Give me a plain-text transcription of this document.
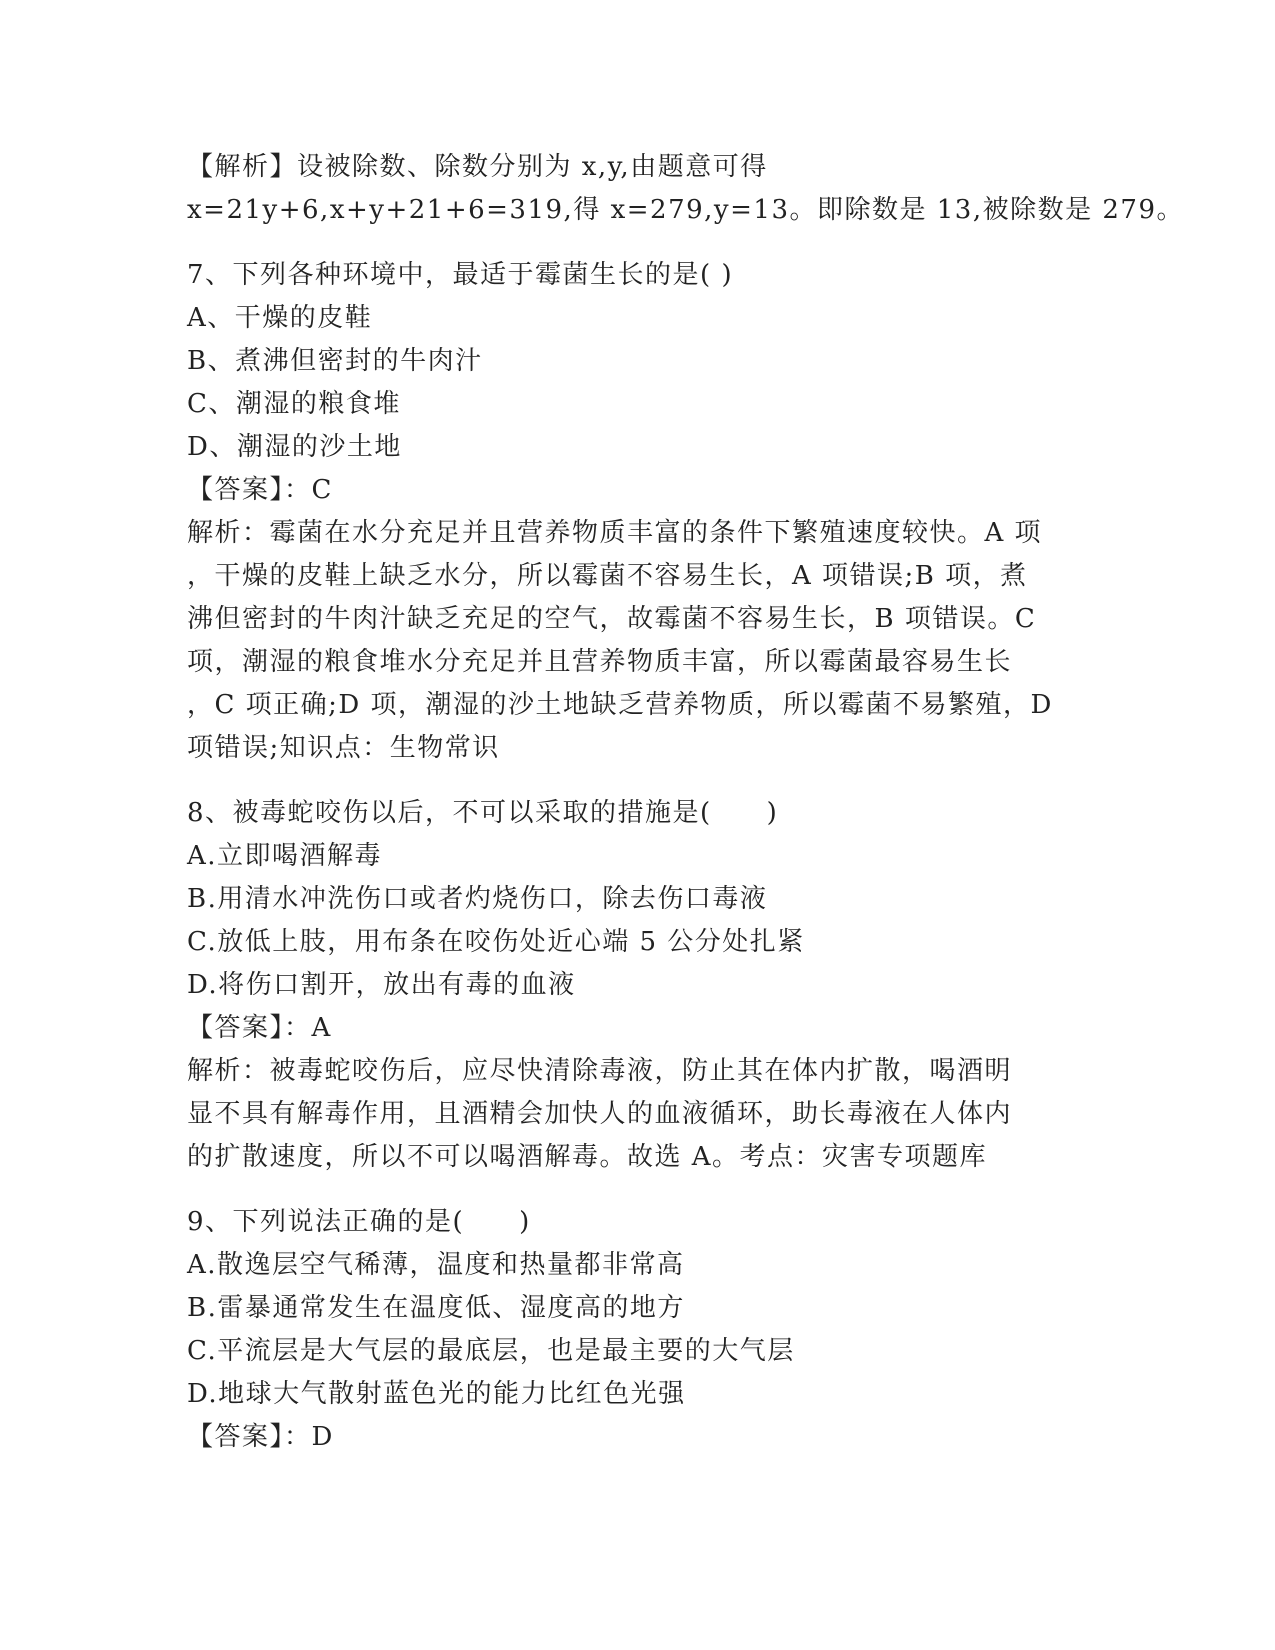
【解析】设被除数、除数分别为 x,y,由题意可得
x=21y+6,x+y+21+6=319,得 x=279,y=13。即除数是 13,被除数是 279。
7、下列各种环境中，最适于霉菌生长的是( )
A、干燥的皮鞋
B、煮沸但密封的牛肉汁
C、潮湿的粮食堆
D、潮湿的沙土地
【答案】：C
解析：霉菌在水分充足并且营养物质丰富的条件下繁殖速度较快。A 项
，干燥的皮鞋上缺乏水分，所以霉菌不容易生长，A 项错误;B 项，煮
沸但密封的牛肉汁缺乏充足的空气，故霉菌不容易生长，B 项错误。C
项，潮湿的粮食堆水分充足并且营养物质丰富，所以霉菌最容易生长
，C 项正确;D 项，潮湿的沙土地缺乏营养物质，所以霉菌不易繁殖，D
项错误;知识点：生物常识
8、被毒蛇咬伤以后，不可以采取的措施是(　　)
A.立即喝酒解毒
B.用清水冲洗伤口或者灼烧伤口，除去伤口毒液
C.放低上肢，用布条在咬伤处近心端 5 公分处扎紧
D.将伤口割开，放出有毒的血液
【答案】：A
解析：被毒蛇咬伤后，应尽快清除毒液，防止其在体内扩散，喝酒明
显不具有解毒作用，且酒精会加快人的血液循环，助长毒液在人体内
的扩散速度，所以不可以喝酒解毒。故选 A。考点：灾害专项题库
9、下列说法正确的是(　　)
A.散逸层空气稀薄，温度和热量都非常高
B.雷暴通常发生在温度低、湿度高的地方
C.平流层是大气层的最底层，也是最主要的大气层
D.地球大气散射蓝色光的能力比红色光强
【答案】：D
